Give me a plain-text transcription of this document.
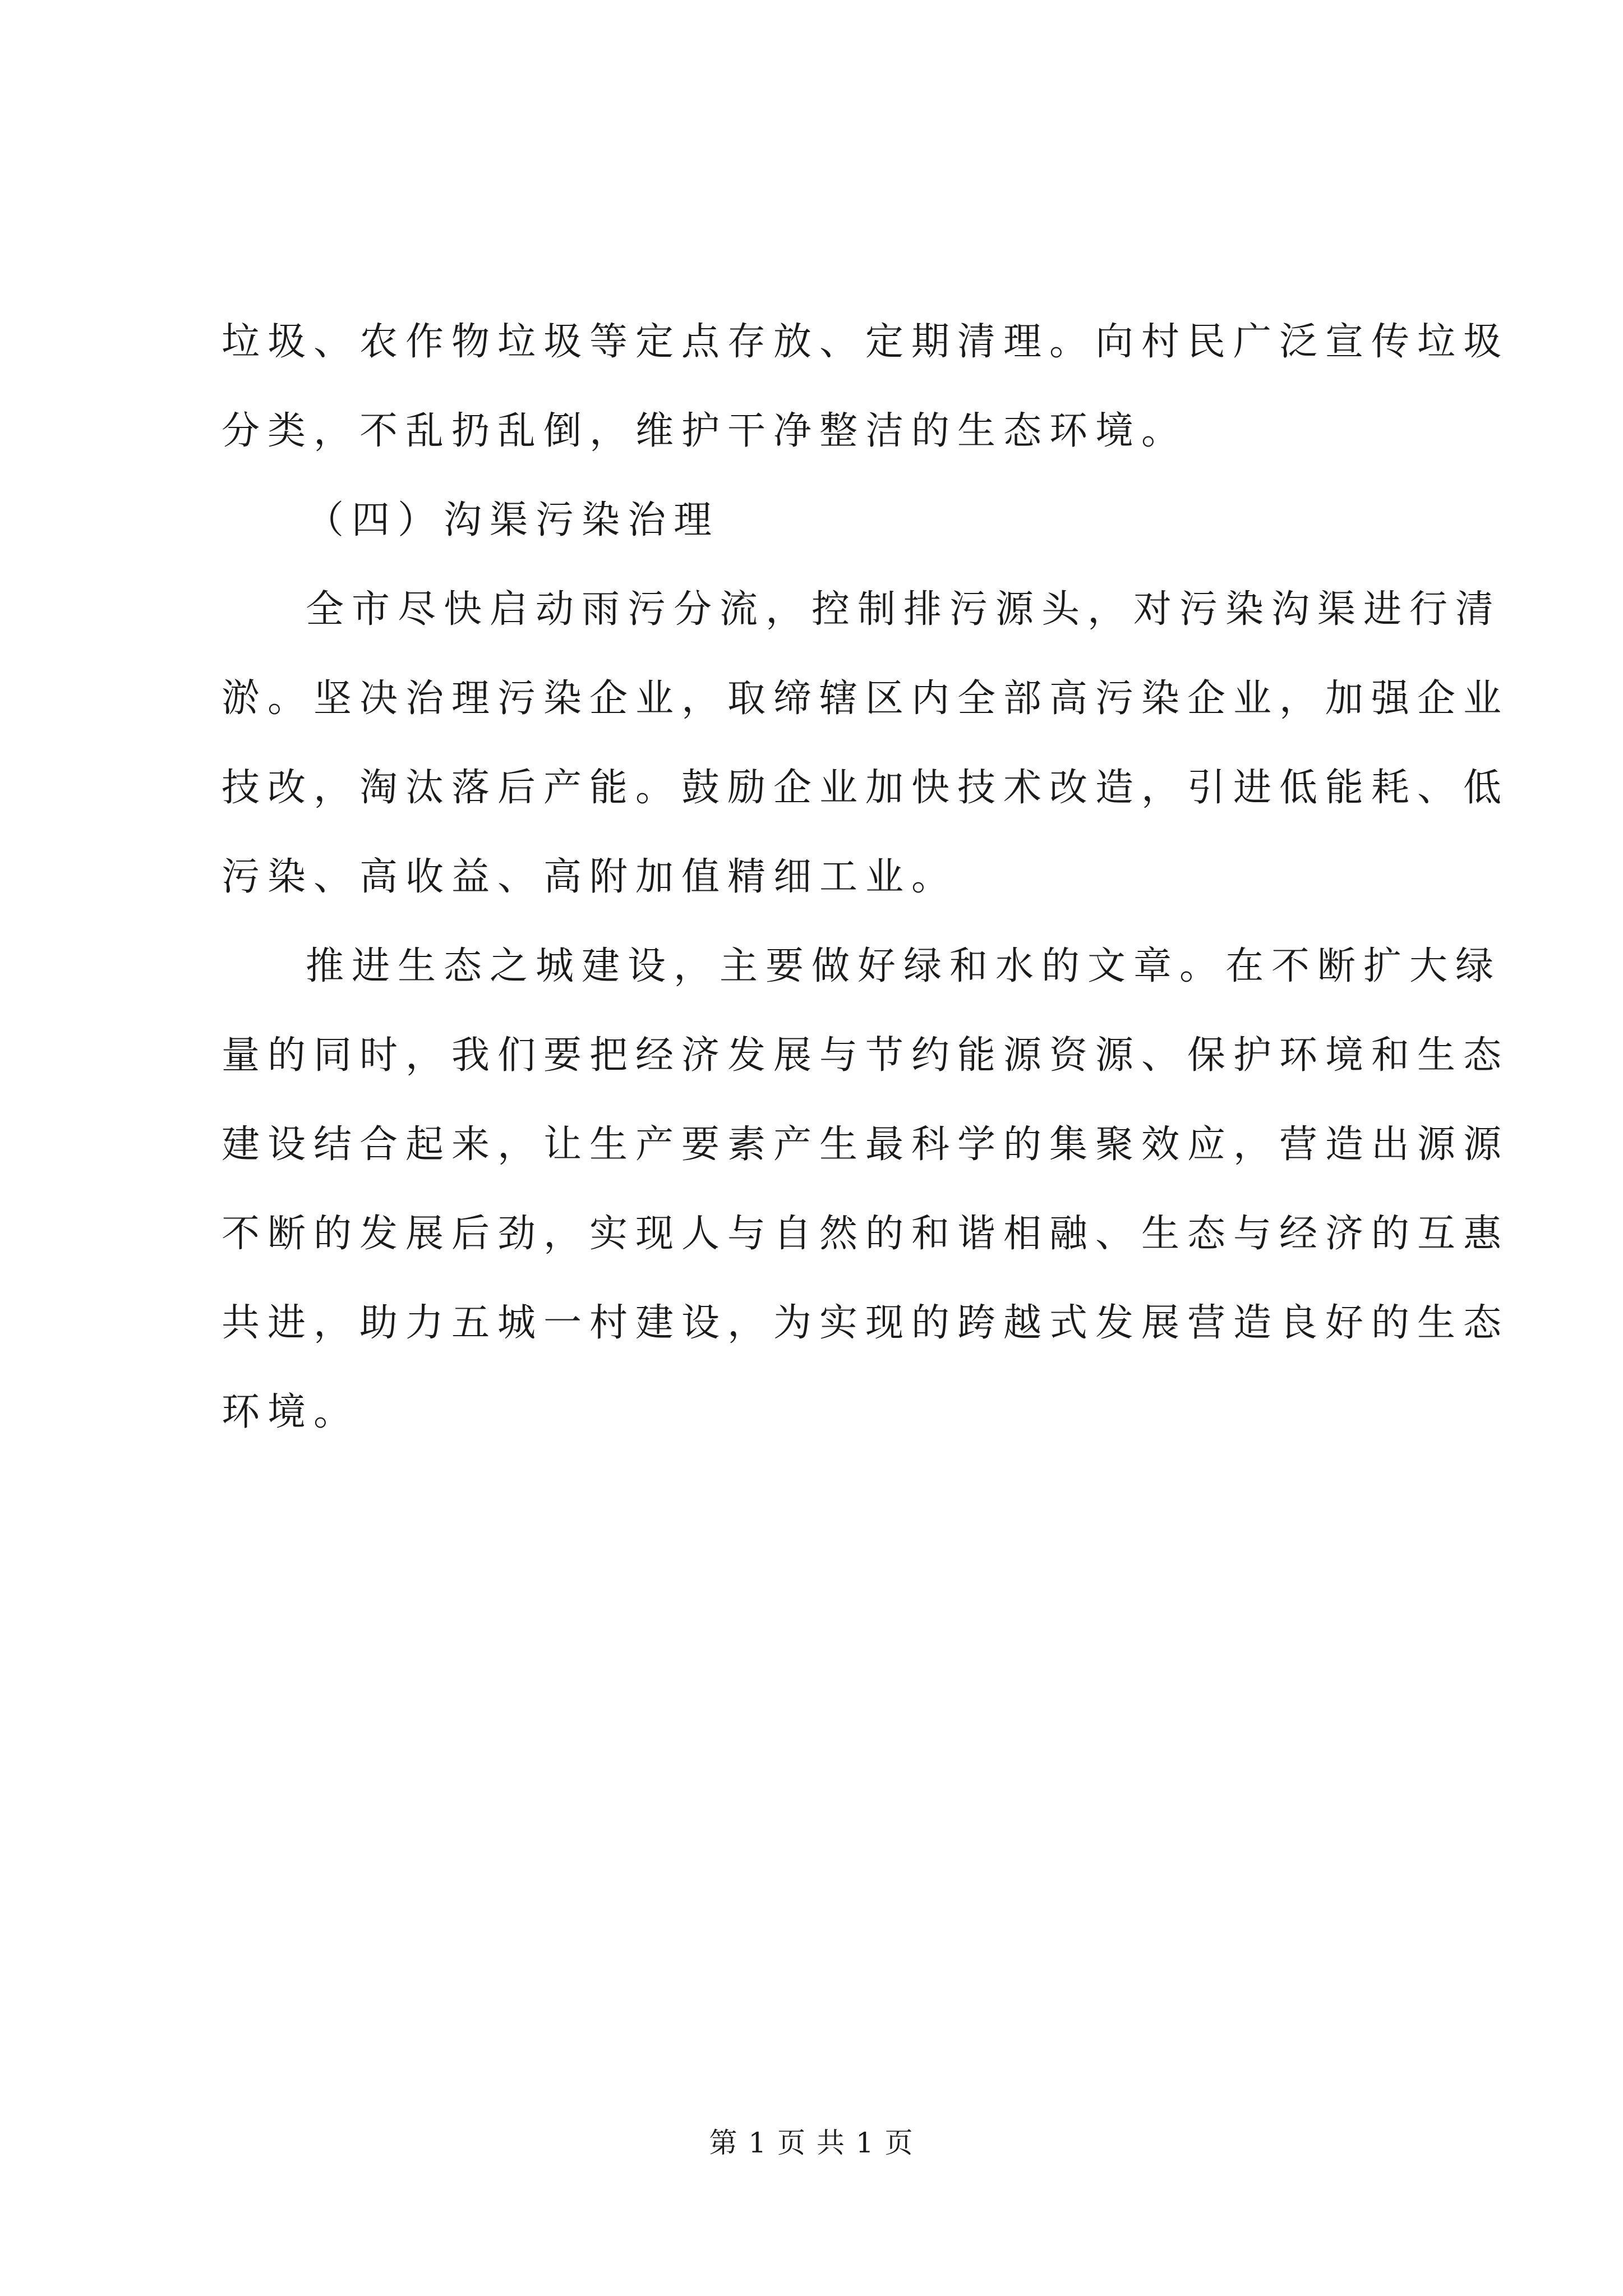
垃圾、农作物垃圾等定点存放、定期清理。向村民广泛宣传垃圾
分类，不乱扔乱倒，维护干净整洁的生态环境。
（四）沟渠污染治理
全市尽快启动雨污分流，控制排污源头，对污染沟渠进行清
淤。坚决治理污染企业，取缔辖区内全部高污染企业，加强企业
技改，淘汰落后产能。鼓励企业加快技术改造，引进低能耗、低
污染、高收益、高附加值精细工业。
推进生态之城建设，主要做好绿和水的文章。在不断扩大绿
量的同时，我们要把经济发展与节约能源资源、保护环境和生态
建设结合起来，让生产要素产生最科学的集聚效应，营造出源源
不断的发展后劲，实现人与自然的和谐相融、生态与经济的互惠
共进，助力五城一村建设，为实现的跨越式发展营造良好的生态
环境。
第 1 页 共 1 页
